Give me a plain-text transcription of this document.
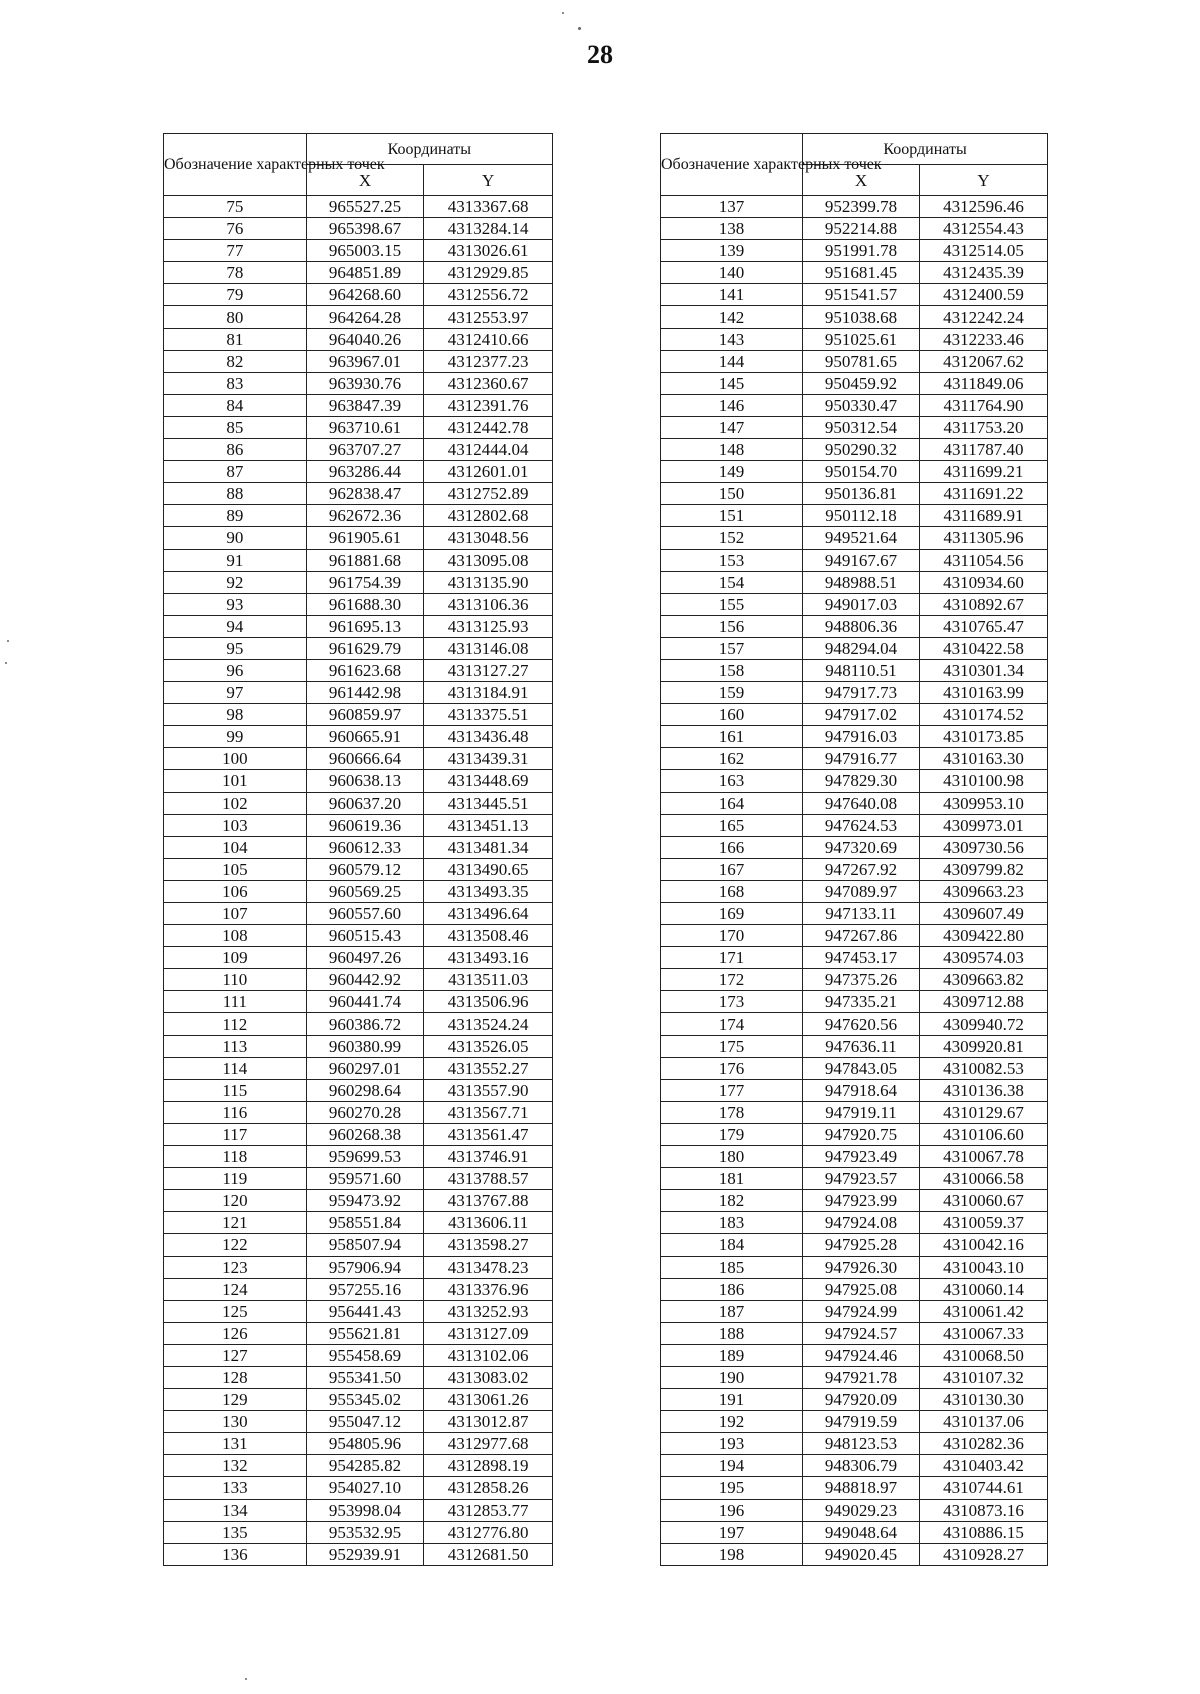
28
Обозначение характерных точек	Координаты	
	X	Y
75	965527.25	4313367.68
76	965398.67	4313284.14
77	965003.15	4313026.61
78	964851.89	4312929.85
79	964268.60	4312556.72
80	964264.28	4312553.97
81	964040.26	4312410.66
82	963967.01	4312377.23
83	963930.76	4312360.67
84	963847.39	4312391.76
85	963710.61	4312442.78
86	963707.27	4312444.04
87	963286.44	4312601.01
88	962838.47	4312752.89
89	962672.36	4312802.68
90	961905.61	4313048.56
91	961881.68	4313095.08
92	961754.39	4313135.90
93	961688.30	4313106.36
94	961695.13	4313125.93
95	961629.79	4313146.08
96	961623.68	4313127.27
97	961442.98	4313184.91
98	960859.97	4313375.51
99	960665.91	4313436.48
100	960666.64	4313439.31
101	960638.13	4313448.69
102	960637.20	4313445.51
103	960619.36	4313451.13
104	960612.33	4313481.34
105	960579.12	4313490.65
106	960569.25	4313493.35
107	960557.60	4313496.64
108	960515.43	4313508.46
109	960497.26	4313493.16
110	960442.92	4313511.03
111	960441.74	4313506.96
112	960386.72	4313524.24
113	960380.99	4313526.05
114	960297.01	4313552.27
115	960298.64	4313557.90
116	960270.28	4313567.71
117	960268.38	4313561.47
118	959699.53	4313746.91
119	959571.60	4313788.57
120	959473.92	4313767.88
121	958551.84	4313606.11
122	958507.94	4313598.27
123	957906.94	4313478.23
124	957255.16	4313376.96
125	956441.43	4313252.93
126	955621.81	4313127.09
127	955458.69	4313102.06
128	955341.50	4313083.02
129	955345.02	4313061.26
130	955047.12	4313012.87
131	954805.96	4312977.68
132	954285.82	4312898.19
133	954027.10	4312858.26
134	953998.04	4312853.77
135	953532.95	4312776.80
136	952939.91	4312681.50
Обозначение характерных точек	Координаты	
	X	Y
137	952399.78	4312596.46
138	952214.88	4312554.43
139	951991.78	4312514.05
140	951681.45	4312435.39
141	951541.57	4312400.59
142	951038.68	4312242.24
143	951025.61	4312233.46
144	950781.65	4312067.62
145	950459.92	4311849.06
146	950330.47	4311764.90
147	950312.54	4311753.20
148	950290.32	4311787.40
149	950154.70	4311699.21
150	950136.81	4311691.22
151	950112.18	4311689.91
152	949521.64	4311305.96
153	949167.67	4311054.56
154	948988.51	4310934.60
155	949017.03	4310892.67
156	948806.36	4310765.47
157	948294.04	4310422.58
158	948110.51	4310301.34
159	947917.73	4310163.99
160	947917.02	4310174.52
161	947916.03	4310173.85
162	947916.77	4310163.30
163	947829.30	4310100.98
164	947640.08	4309953.10
165	947624.53	4309973.01
166	947320.69	4309730.56
167	947267.92	4309799.82
168	947089.97	4309663.23
169	947133.11	4309607.49
170	947267.86	4309422.80
171	947453.17	4309574.03
172	947375.26	4309663.82
173	947335.21	4309712.88
174	947620.56	4309940.72
175	947636.11	4309920.81
176	947843.05	4310082.53
177	947918.64	4310136.38
178	947919.11	4310129.67
179	947920.75	4310106.60
180	947923.49	4310067.78
181	947923.57	4310066.58
182	947923.99	4310060.67
183	947924.08	4310059.37
184	947925.28	4310042.16
185	947926.30	4310043.10
186	947925.08	4310060.14
187	947924.99	4310061.42
188	947924.57	4310067.33
189	947924.46	4310068.50
190	947921.78	4310107.32
191	947920.09	4310130.30
192	947919.59	4310137.06
193	948123.53	4310282.36
194	948306.79	4310403.42
195	948818.97	4310744.61
196	949029.23	4310873.16
197	949048.64	4310886.15
198	949020.45	4310928.27
